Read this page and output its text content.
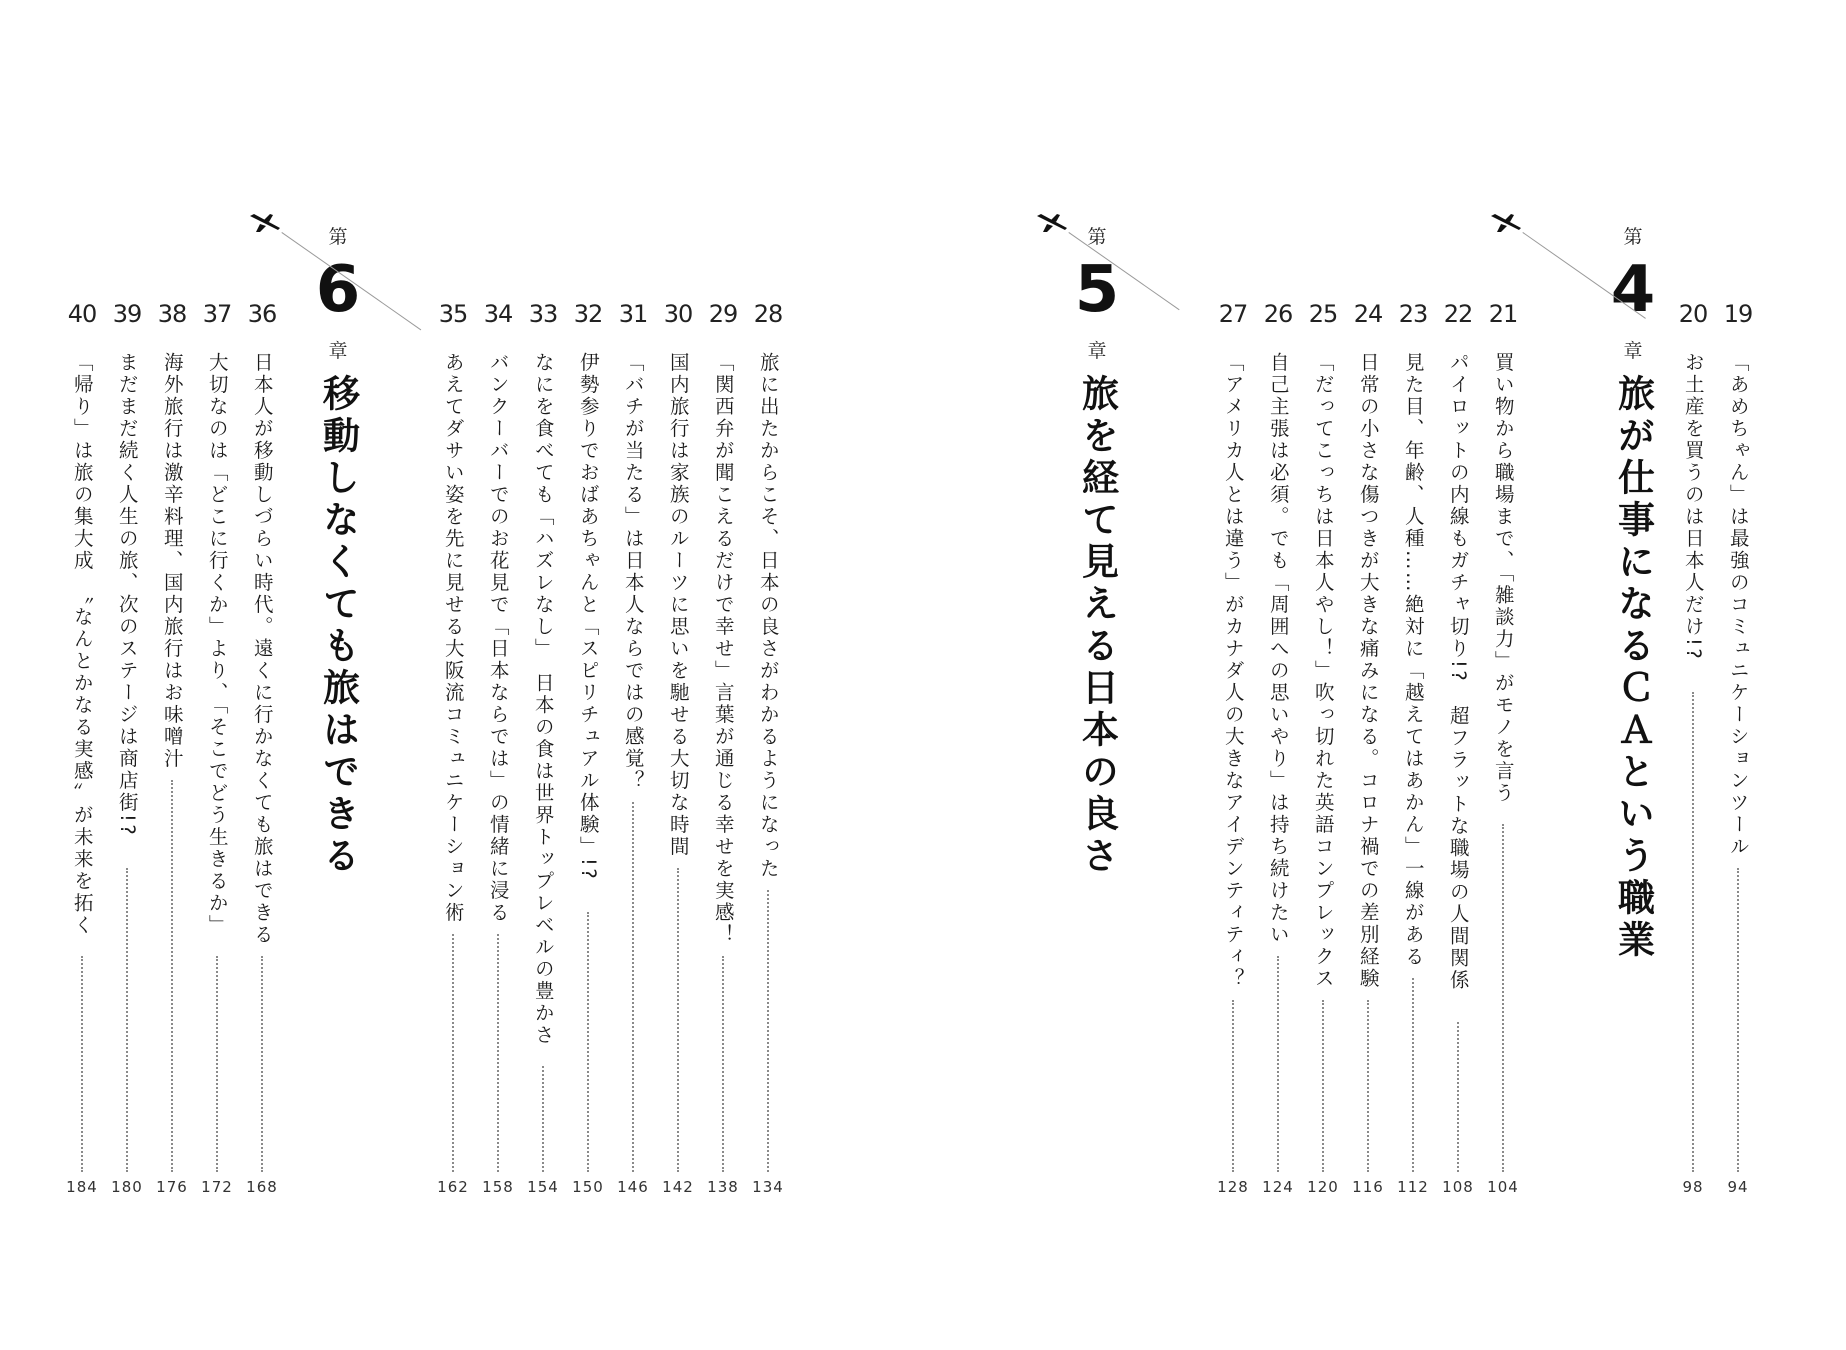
28
旅に出たからこそ、日本の良さがわかるようになった
134
29
「関西弁が聞こえるだけで幸せ」言葉が通じる幸せを実感！
138
30
国内旅行は家族のルーツに思いを馳せる大切な時間
142
31
「バチが当たる」は日本人ならではの感覚？
146
32
伊勢参りでおばあちゃんと「スピリチュアル体験」!?
150
33
なにを食べても「ハズレなし」　日本の食は世界トップレベルの豊かさ
154
34
バンクーバーでのお花見で「日本ならでは」の情緒に浸る
158
35
あえてダサい姿を先に見せる大阪流コミュニケーション術
162
36
日本人が移動しづらい時代。遠くに行かなくても旅はできる
168
37
大切なのは「どこに行くか」より、「そこでどう生きるか」
172
38
海外旅行は激辛料理、国内旅行はお味噌汁
176
39
まだまだ続く人生の旅、次のステージは商店街!?
180
40
「帰り」は旅の集大成　〝なんとかなる実感〟が未来を拓く
184
第
6
章
移動しなくても旅はできる
19
「あめちゃん」は最強のコミュニケーションツール
94
20
お土産を買うのは日本人だけ!?
98
21
買い物から職場まで、「雑談力」がモノを言う
104
22
パイロットの内線もガチャ切り!?　超フラットな職場の人間関係
108
23
見た目、年齢、人種……絶対に「越えてはあかん」一線がある
112
24
日常の小さな傷つきが大きな痛みになる。コロナ禍での差別経験
116
25
「だってこっちは日本人やし！」吹っ切れた英語コンプレックス
120
26
自己主張は必須。でも「周囲への思いやり」は持ち続けたい
124
27
「アメリカ人とは違う」がカナダ人の大きなアイデンティティ？
128
第
4
章
旅が仕事になるＣＡという職業
第
5
章
旅を経て見える日本の良さ
